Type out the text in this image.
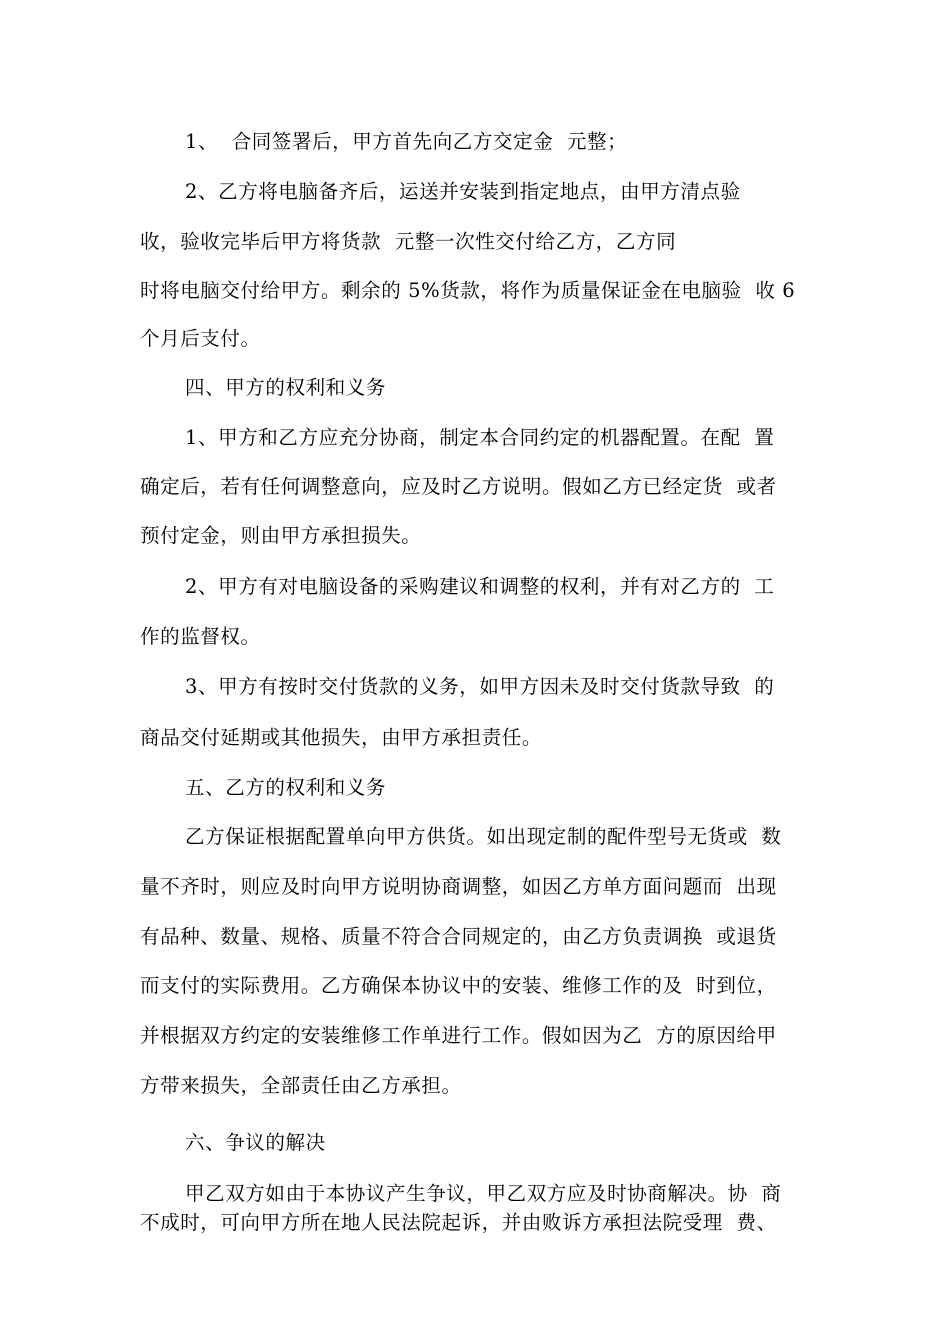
1、  合同签署后，甲方首先向乙方交定金  元整；
2、乙方将电脑备齐后，运送并安装到指定地点，由甲方清点验
收，验收完毕后甲方将货款  元整一次性交付给乙方，乙方同
时将电脑交付给甲方。剩余的 5%货款，将作为质量保证金在电脑验  收 6
个月后支付。
四、甲方的权利和义务
1、甲方和乙方应充分协商，制定本合同约定的机器配置。在配  置
确定后，若有任何调整意向，应及时乙方说明。假如乙方已经定货  或者
预付定金，则由甲方承担损失。
2、甲方有对电脑设备的采购建议和调整的权利，并有对乙方的  工
作的监督权。
3、甲方有按时交付货款的义务，如甲方因未及时交付货款导致  的
商品交付延期或其他损失，由甲方承担责任。
五、乙方的权利和义务
乙方保证根据配置单向甲方供货。如出现定制的配件型号无货或  数
量不齐时，则应及时向甲方说明协商调整，如因乙方单方面问题而  出现
有品种、数量、规格、质量不符合合同规定的，由乙方负责调换  或退货
而支付的实际费用。乙方确保本协议中的安装、维修工作的及  时到位，
并根据双方约定的安装维修工作单进行工作。假如因为乙  方的原因给甲
方带来损失，全部责任由乙方承担。
六、争议的解决
甲乙双方如由于本协议产生争议，甲乙双方应及时协商解决。协  商
不成时，可向甲方所在地人民法院起诉，并由败诉方承担法院受理  费、
